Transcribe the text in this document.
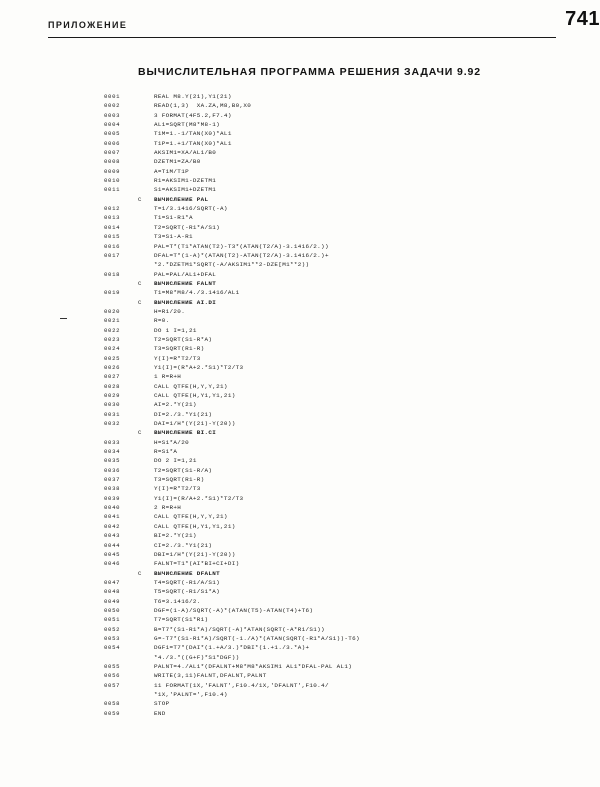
ПРИЛОЖЕНИЕ	741
ВЫЧИСЛИТЕЛЬНАЯ ПРОГРАММА РЕШЕНИЯ ЗАДАЧИ 9.92
0001	REAL M8.Y(21),Y1(21)
0002	READ(1,3)  XA.ZA,M8,B0,X0
0003	3 FORMAT(4F5.2,F7.4)
0004	AL1=SQRT(M8*M8-1)
0005	T1M=1.-1/TAN(X0)*AL1
0006	T1P=1.+1/TAN(X0)*AL1
0007	AKSIM1=XA/AL1/B0
0008	DZETM1=ZA/B0
0009	A=T1M/T1P
0010	R1=AKSIM1-DZETM1
0011	S1=AKSIM1+DZETM1
C	ВЫЧИСЛЕНИЕ PAL
0012	T=1/3.1416/SQRT(-A)
0013	T1=S1-R1*A
0014	T2=SQRT(-R1*A/S1)
0015	T3=S1-A-R1
0016	PAL=T*(T1*ATAN(T2)-T3*(ATAN(T2/A)-3.1416/2.))
0017	DFAL=T*(1-A)*(ATAN(T2)-ATAN(T2/A)-3.1416/2.)+
*2.*DZETM1*SQRT(-A/AKSIM1**2-DZE[M1**2))
0018	PAL=PAL/AL1+DFAL
C	ВЫЧИСЛЕНИЕ FALNT
0019	T1=M8*M8/4./3.1416/AL1
C	ВЫЧИСЛЕНИЕ AI.DI
0020	H=R1/20.
0021	R=0.
0022	DO 1 I=1,21
0023	T2=SQRT(S1-R*A)
0024	T3=SQRT(R1-R)
0025	Y(I)=R*T2/T3
0026	Y1(I)=(R*A+2.*S1)*T2/T3
0027	1 R=R+H
0028	CALL QTFE(H,Y,Y,21)
0029	CALL QTFE(H,Y1,Y1,21)
0030	AI=2.*Y(21)
0031	DI=2./3.*Y1(21)
0032	DAI=1/H*(Y(21)-Y(20))
C	ВЫЧИСЛЕНИЕ BI.CI
0033	H=S1*A/20
0034	R=S1*A
0035	DO 2 I=1,21
0036	T2=SQRT(S1-R/A)
0037	T3=SQRT(R1-R)
0038	Y(I)=R*T2/T3
0039	Y1(I)=(R/A+2.*S1)*T2/T3
0040	2 R=R+H
0041	CALL QTFE(H,Y,Y,21)
0042	CALL QTFE(H,Y1,Y1,21)
0043	BI=2.*Y(21)
0044	CI=2./3.*Y1(21)
0045	DBI=1/H*(Y(21)-Y(20))
0046	FALNT=T1*(AI*BI+CI+DI)
C	ВЫЧИСЛЕНИЕ DFALNT
0047	T4=SQRT(-R1/A/S1)
0048	T5=SQRT(-R1/S1*A)
0049	T6=3.1416/2.
0050	DGF=(1-A)/SQRT(-A)*(ATAN(T5)-ATAN(T4)+T6)
0051	T7=SQRT(S1*R1)
0052	B=T7*(S1-R1*A)/SQRT(-A)*ATAN(SQRT(-A*R1/S1))
0053	G=-T7*(S1-R1*A)/SQRT(-1./A)*(ATAN(SQRT(-R1*A/S1))-T6)
0054	DGF1=T7*(DAI*(1.+A/3.)*DBI*(1.+1./3.*A)+
*4./3.*((G+F)*S1*DGF))
0055	PALNT=4./AL1*(DFALNT+M8*M8*AKSIM1 AL1*DFAL-PAL AL1)
0056	WRITE(3,11)FALNT,DFALNT,PALNT
0057	11 FORMAT(1X,'FALNT',F10.4/1X,'DFALNT',F10.4/
*1X,'PALNT=',F10.4)
0058	STOP
0059	END
